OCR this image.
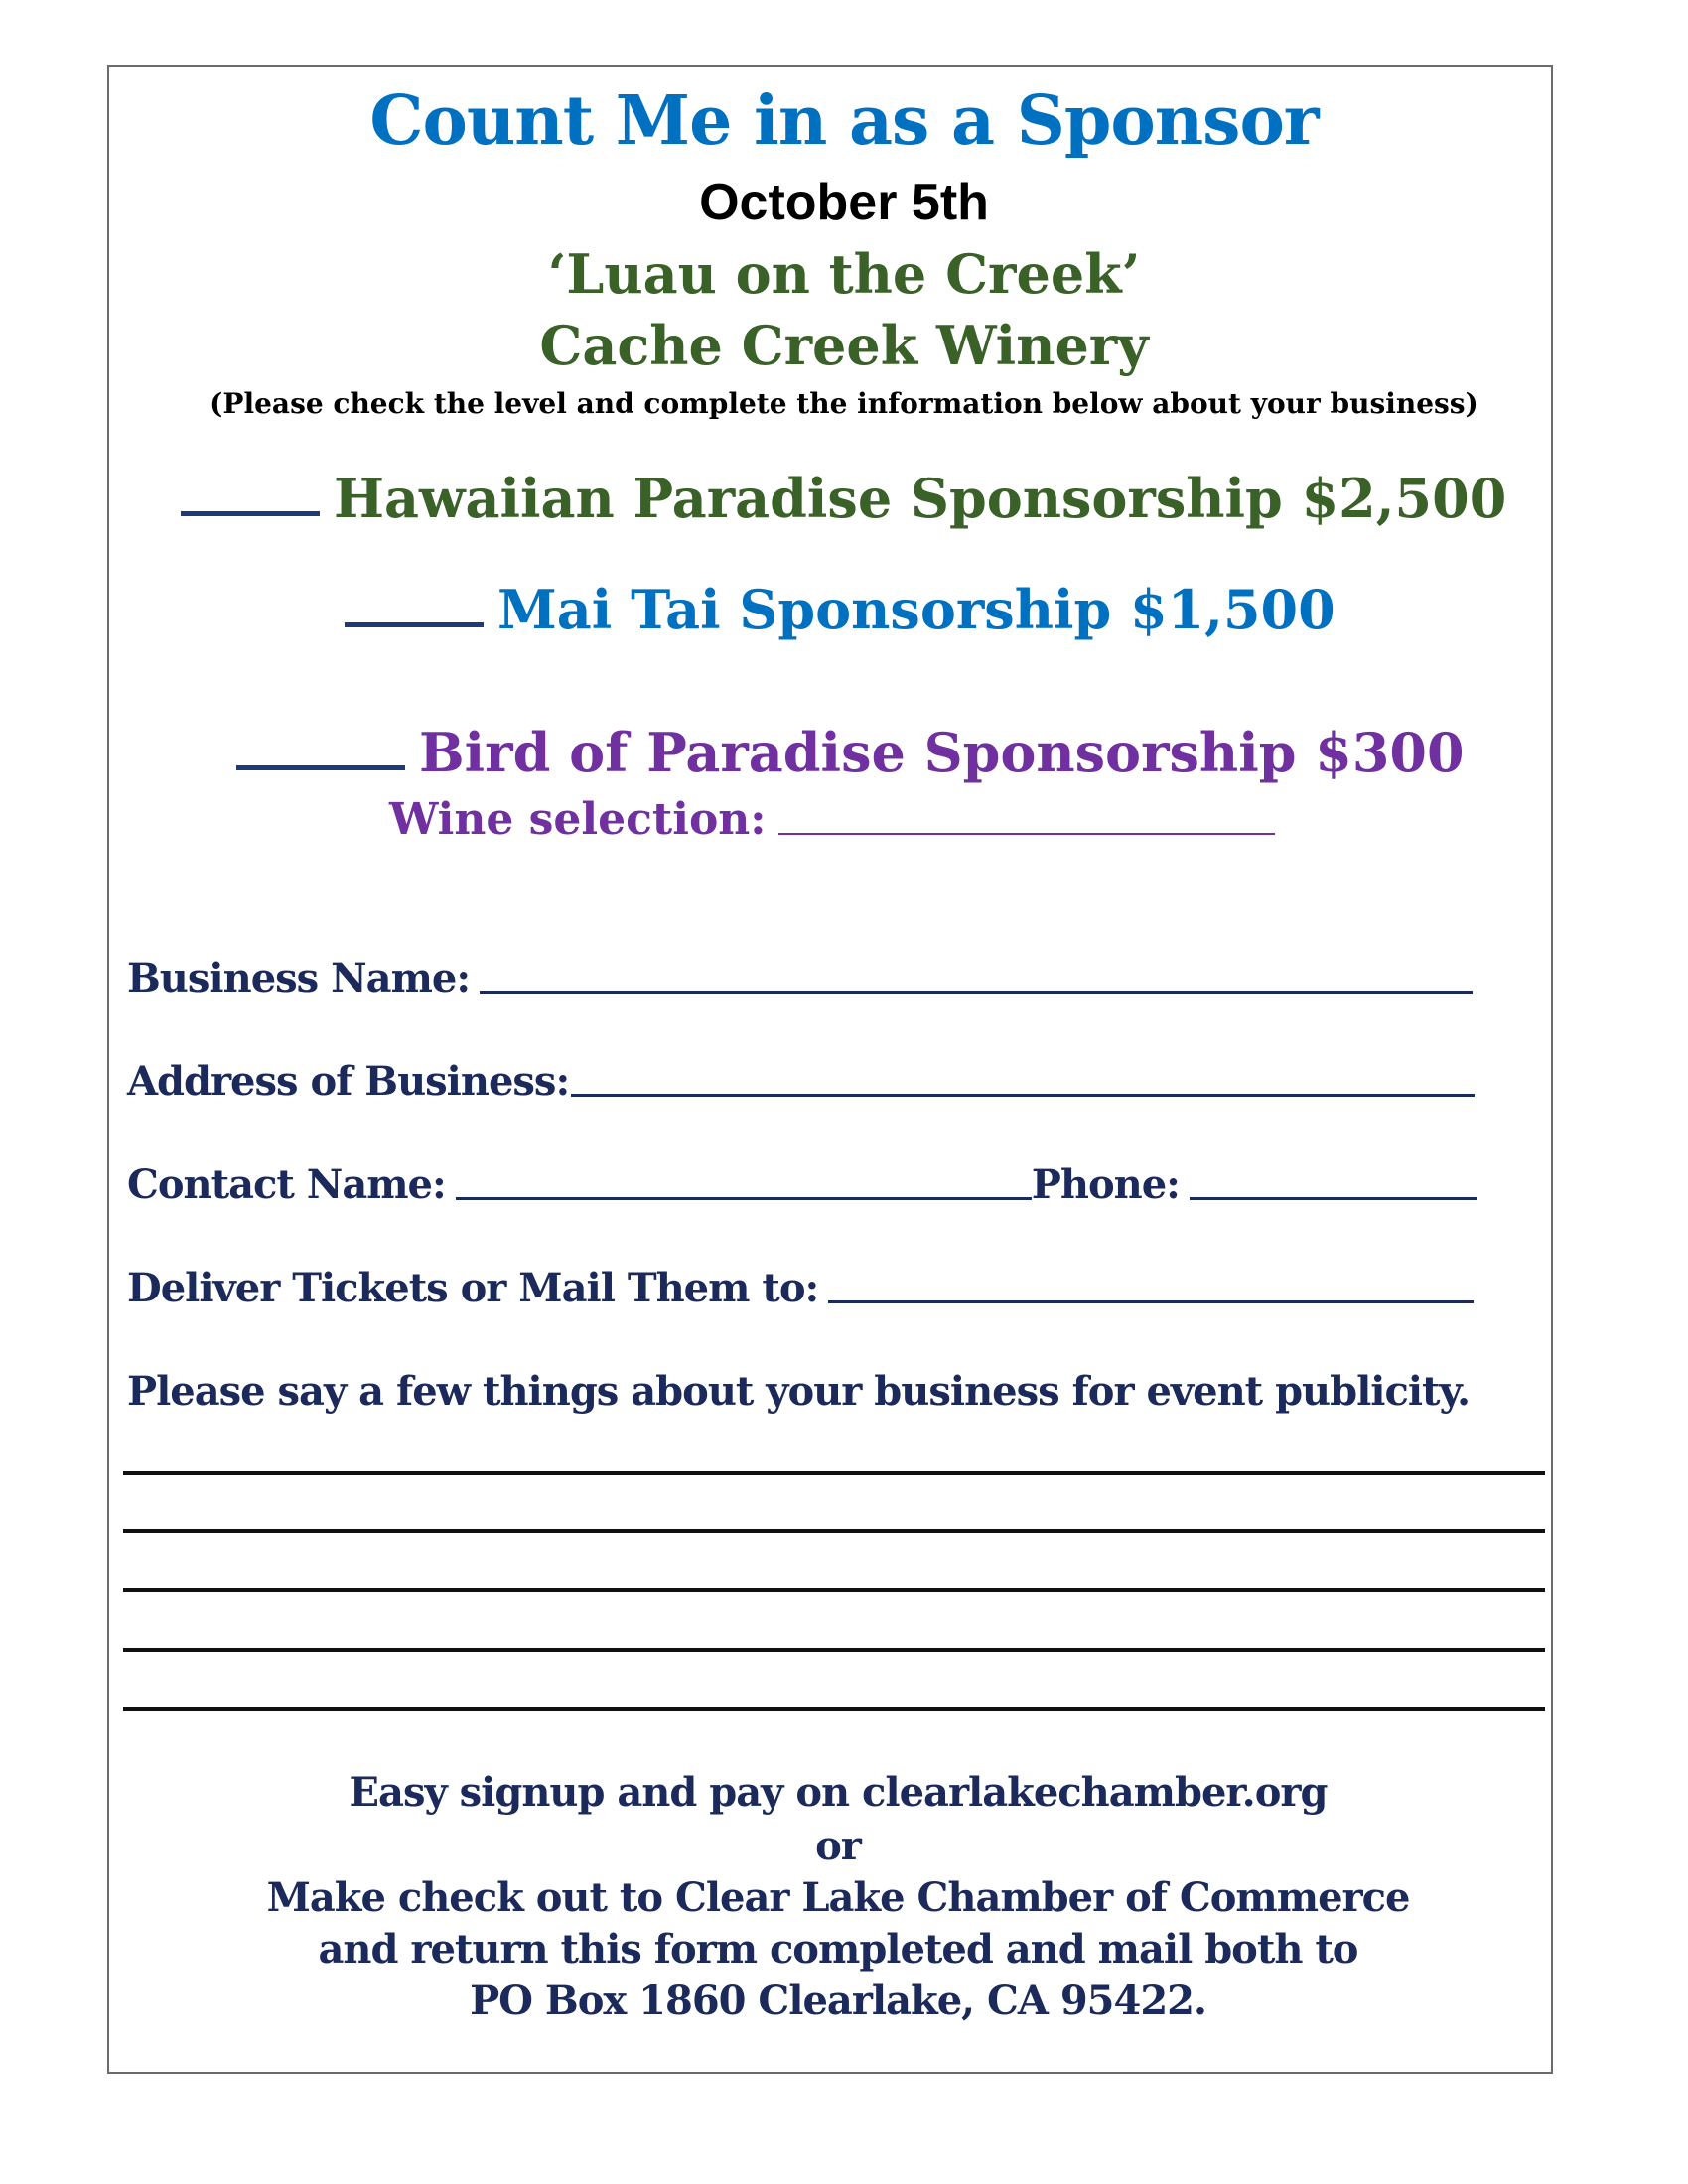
Count Me in as a Sponsor
October 5th
‘Luau on the Creek’
Cache Creek Winery
(Please check the level and complete the information below about your business)
Hawaiian Paradise Sponsorship $2,500
Mai Tai Sponsorship $1,500
Bird of Paradise Sponsorship $300
Wine selection:
Business Name:
Address of Business:
Contact Name:	Phone:
Deliver Tickets or Mail Them to:
Please say a few things about your business for event publicity.
Easy signup and pay on clearlakechamber.org
or
Make check out to Clear Lake Chamber of Commerce
and return this form completed and mail both to
PO Box 1860 Clearlake, CA 95422.
